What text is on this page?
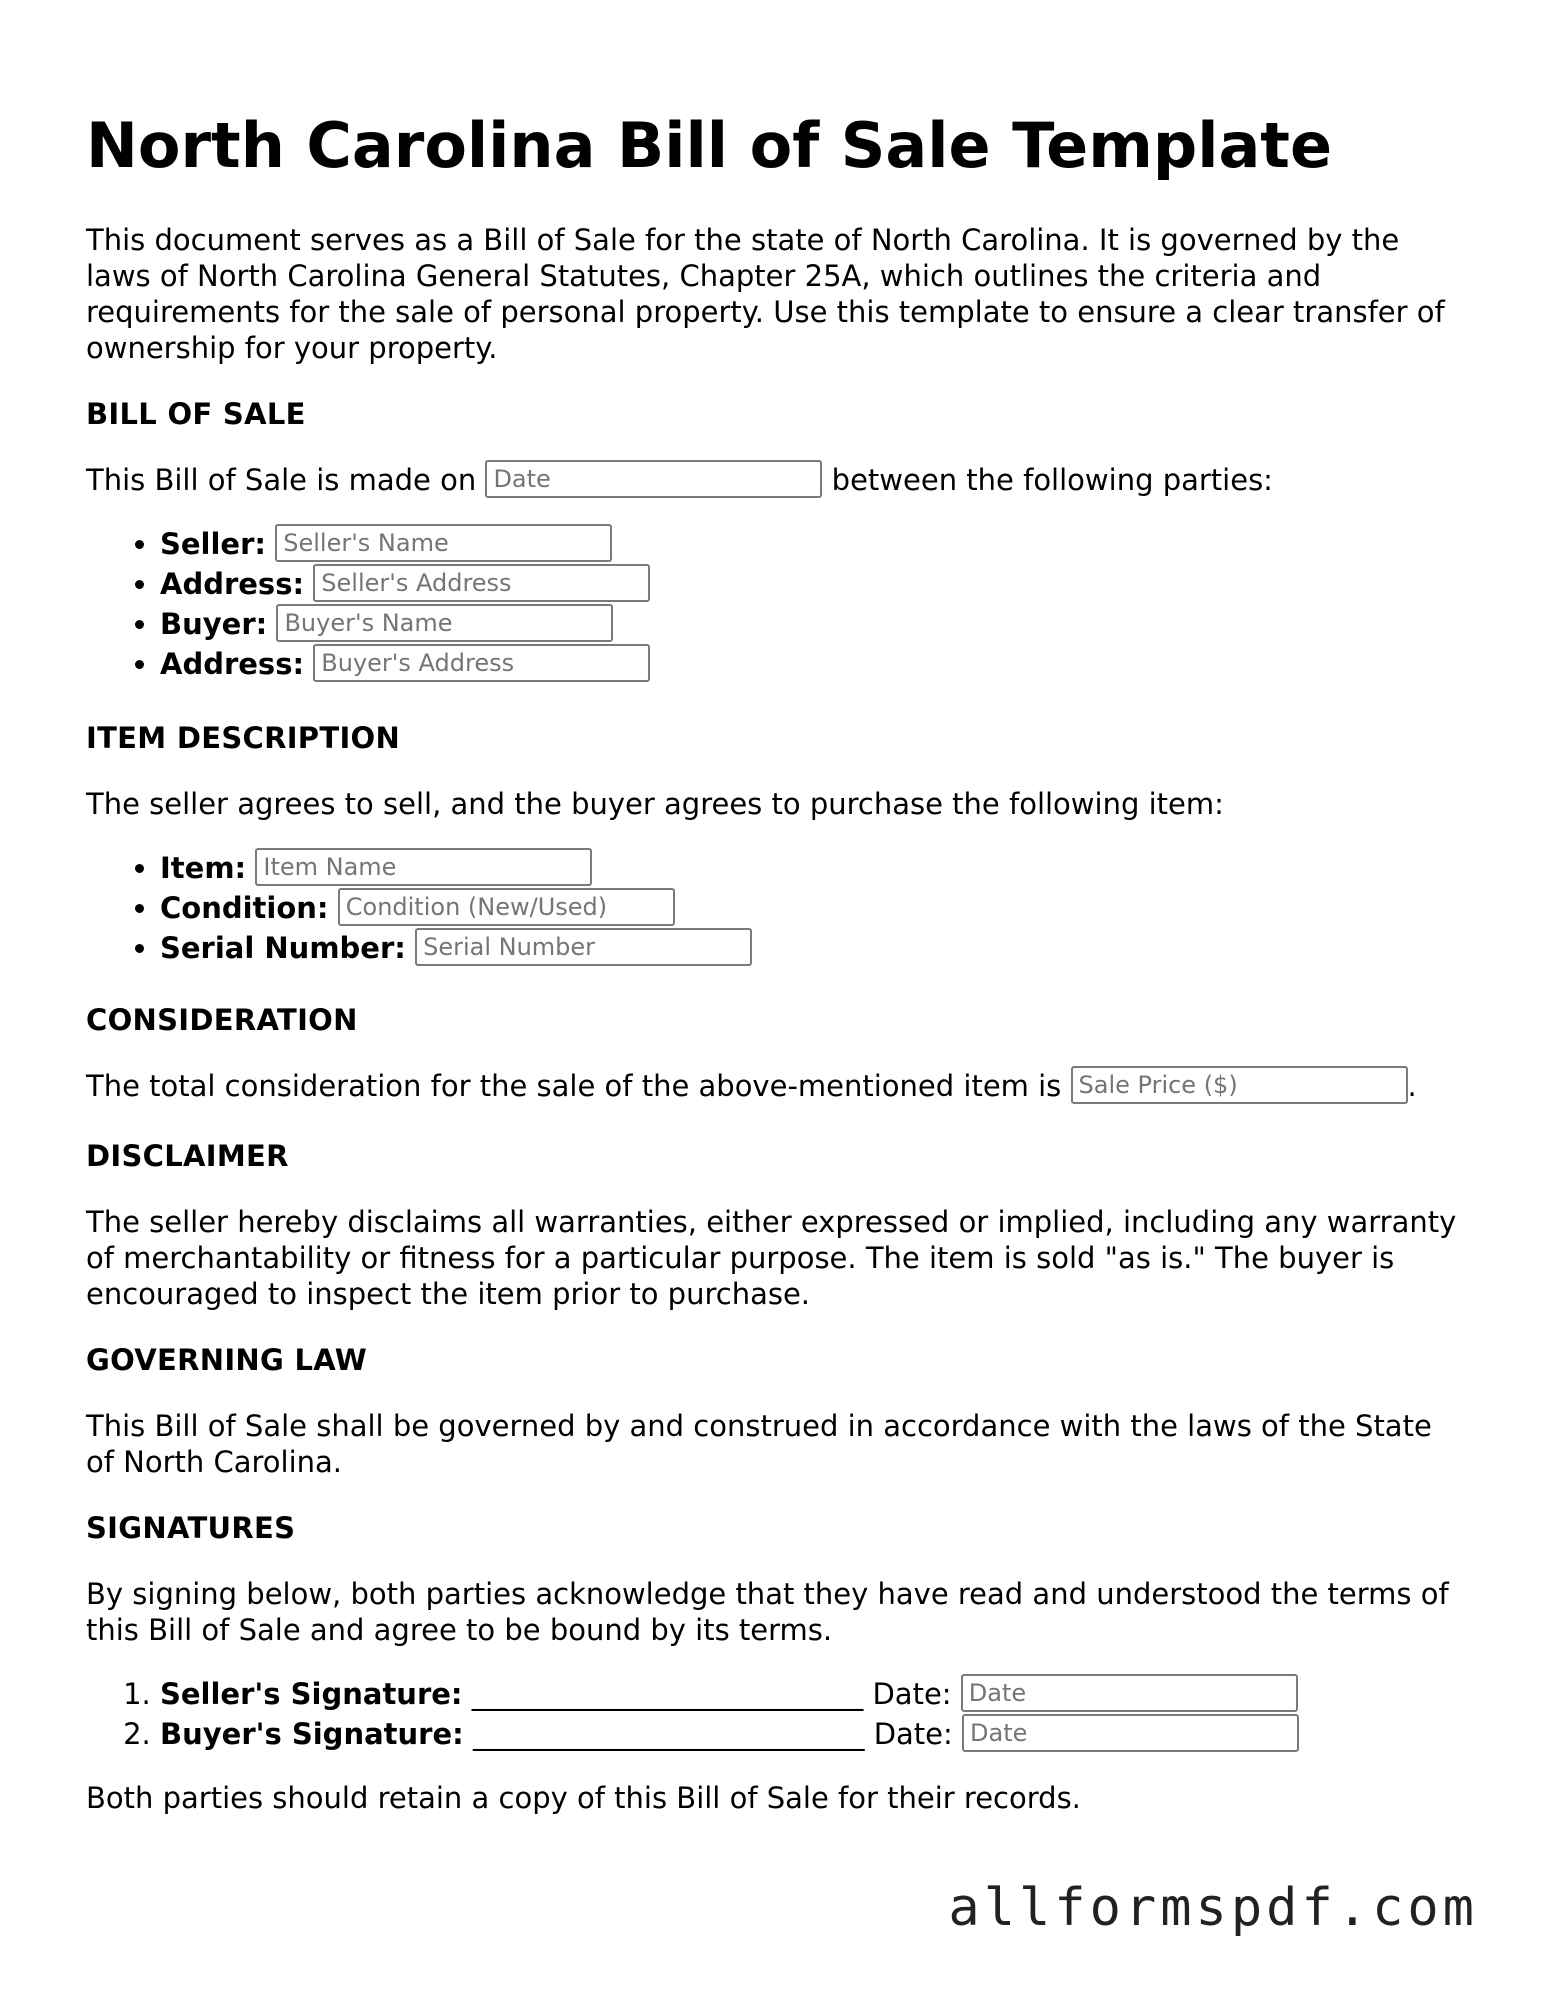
North Carolina Bill of Sale Template

This document serves as a Bill of Sale for the state of North Carolina. It is governed by the laws of North Carolina General Statutes, Chapter 25A, which outlines the criteria and requirements for the sale of personal property. Use this template to ensure a clear transfer of ownership for your property.

BILL OF SALE

This Bill of Sale is made on Date	between the following parties:

• Seller: Seller's Name
• Address: Seller's Address
• Buyer: Buyer's Name
• Address: Buyer's Address
ITEM DESCRIPTION

The seller agrees to sell, and the buyer agrees to purchase the following item:

• Item: Item Name
• Condition: Condition (New/Used)
• Serial Number: Serial Number
CONSIDERATION

The total consideration for the sale of the above-mentioned item is Sale Price ($)	.

DISCLAIMER

The seller hereby disclaims all warranties, either expressed or implied, including any warranty of merchantability or fitness for a particular purpose. The item is sold "as is." The buyer is encouraged to inspect the item prior to purchase.

GOVERNING LAW

This Bill of Sale shall be governed by and construed in accordance with the laws of the State of North Carolina.

SIGNATURES

By signing below, both parties acknowledge that they have read and understood the terms of this Bill of Sale and agree to be bound by its terms.

1. Seller's Signature: ___________________________ Date: Date
2. Buyer's Signature: ___________________________ Date: Date

Both parties should retain a copy of this Bill of Sale for their records.

allformspdf.com
